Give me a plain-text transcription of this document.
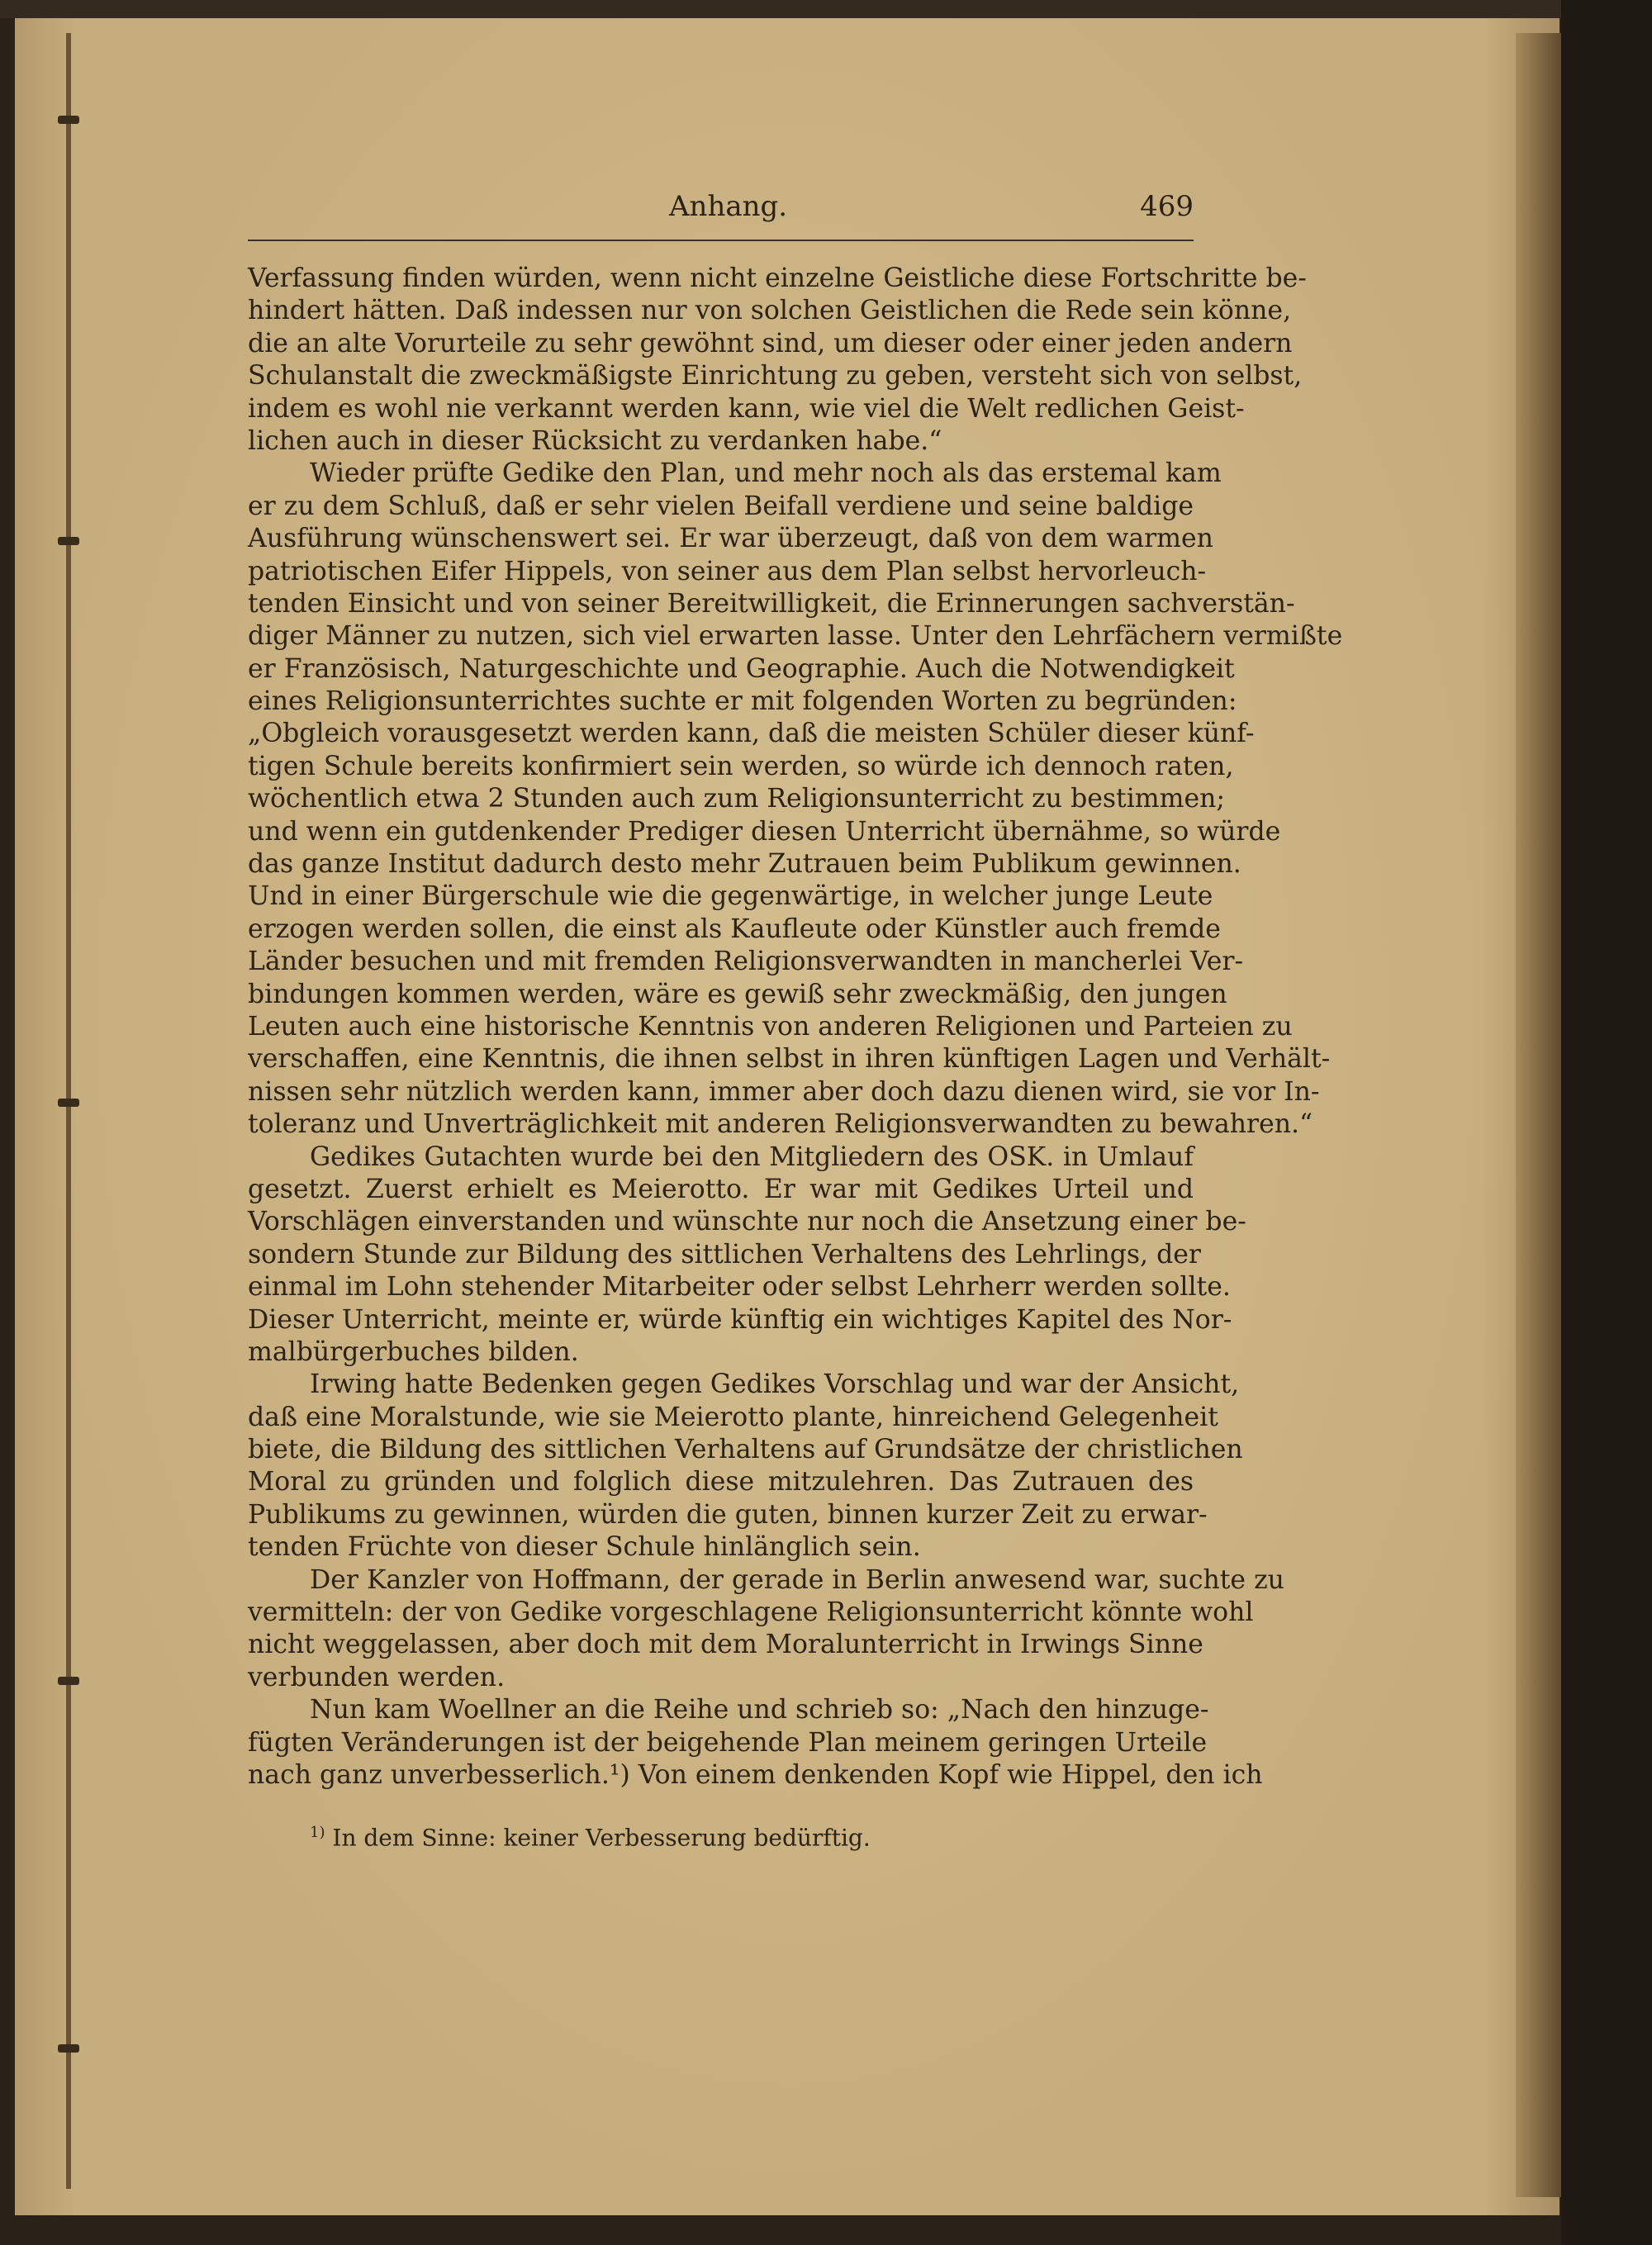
Anhang.	469
Verfassung finden würden, wenn nicht einzelne Geistliche diese Fortschritte be-
hindert hätten. Daß indessen nur von solchen Geistlichen die Rede sein könne,
die an alte Vorurteile zu sehr gewöhnt sind, um dieser oder einer jeden andern
Schulanstalt die zweckmäßigste Einrichtung zu geben, versteht sich von selbst,
indem es wohl nie verkannt werden kann, wie viel die Welt redlichen Geist-
lichen auch in dieser Rücksicht zu verdanken habe.“
Wieder prüfte Gedike den Plan, und mehr noch als das erstemal kam
er zu dem Schluß, daß er sehr vielen Beifall verdiene und seine baldige
Ausführung wünschenswert sei. Er war überzeugt, daß von dem warmen
patriotischen Eifer Hippels, von seiner aus dem Plan selbst hervorleuch-
tenden Einsicht und von seiner Bereitwilligkeit, die Erinnerungen sachverstän-
diger Männer zu nutzen, sich viel erwarten lasse. Unter den Lehrfächern vermißte
er Französisch, Naturgeschichte und Geographie. Auch die Notwendigkeit
eines Religionsunterrichtes suchte er mit folgenden Worten zu begründen:
„Obgleich vorausgesetzt werden kann, daß die meisten Schüler dieser künf-
tigen Schule bereits konfirmiert sein werden, so würde ich dennoch raten,
wöchentlich etwa 2 Stunden auch zum Religionsunterricht zu bestimmen;
und wenn ein gutdenkender Prediger diesen Unterricht übernähme, so würde
das ganze Institut dadurch desto mehr Zutrauen beim Publikum gewinnen.
Und in einer Bürgerschule wie die gegenwärtige, in welcher junge Leute
erzogen werden sollen, die einst als Kaufleute oder Künstler auch fremde
Länder besuchen und mit fremden Religionsverwandten in mancherlei Ver-
bindungen kommen werden, wäre es gewiß sehr zweckmäßig, den jungen
Leuten auch eine historische Kenntnis von anderen Religionen und Parteien zu
verschaffen, eine Kenntnis, die ihnen selbst in ihren künftigen Lagen und Verhält-
nissen sehr nützlich werden kann, immer aber doch dazu dienen wird, sie vor In-
toleranz und Unverträglichkeit mit anderen Religionsverwandten zu bewahren.“
Gedikes Gutachten wurde bei den Mitgliedern des OSK. in Umlauf
gesetzt. Zuerst erhielt es Meierotto. Er war mit Gedikes Urteil und
Vorschlägen einverstanden und wünschte nur noch die Ansetzung einer be-
sondern Stunde zur Bildung des sittlichen Verhaltens des Lehrlings, der
einmal im Lohn stehender Mitarbeiter oder selbst Lehrherr werden sollte.
Dieser Unterricht, meinte er, würde künftig ein wichtiges Kapitel des Nor-
malbürgerbuches bilden.
Irwing hatte Bedenken gegen Gedikes Vorschlag und war der Ansicht,
daß eine Moralstunde, wie sie Meierotto plante, hinreichend Gelegenheit
biete, die Bildung des sittlichen Verhaltens auf Grundsätze der christlichen
Moral zu gründen und folglich diese mitzulehren. Das Zutrauen des
Publikums zu gewinnen, würden die guten, binnen kurzer Zeit zu erwar-
tenden Früchte von dieser Schule hinlänglich sein.
Der Kanzler von Hoffmann, der gerade in Berlin anwesend war, suchte zu
vermitteln: der von Gedike vorgeschlagene Religionsunterricht könnte wohl
nicht weggelassen, aber doch mit dem Moralunterricht in Irwings Sinne
verbunden werden.
Nun kam Woellner an die Reihe und schrieb so: „Nach den hinzuge-
fügten Veränderungen ist der beigehende Plan meinem geringen Urteile
nach ganz unverbesserlich.¹) Von einem denkenden Kopf wie Hippel, den ich
$^{1)}$ In dem Sinne: keiner Verbesserung bedürftig.
